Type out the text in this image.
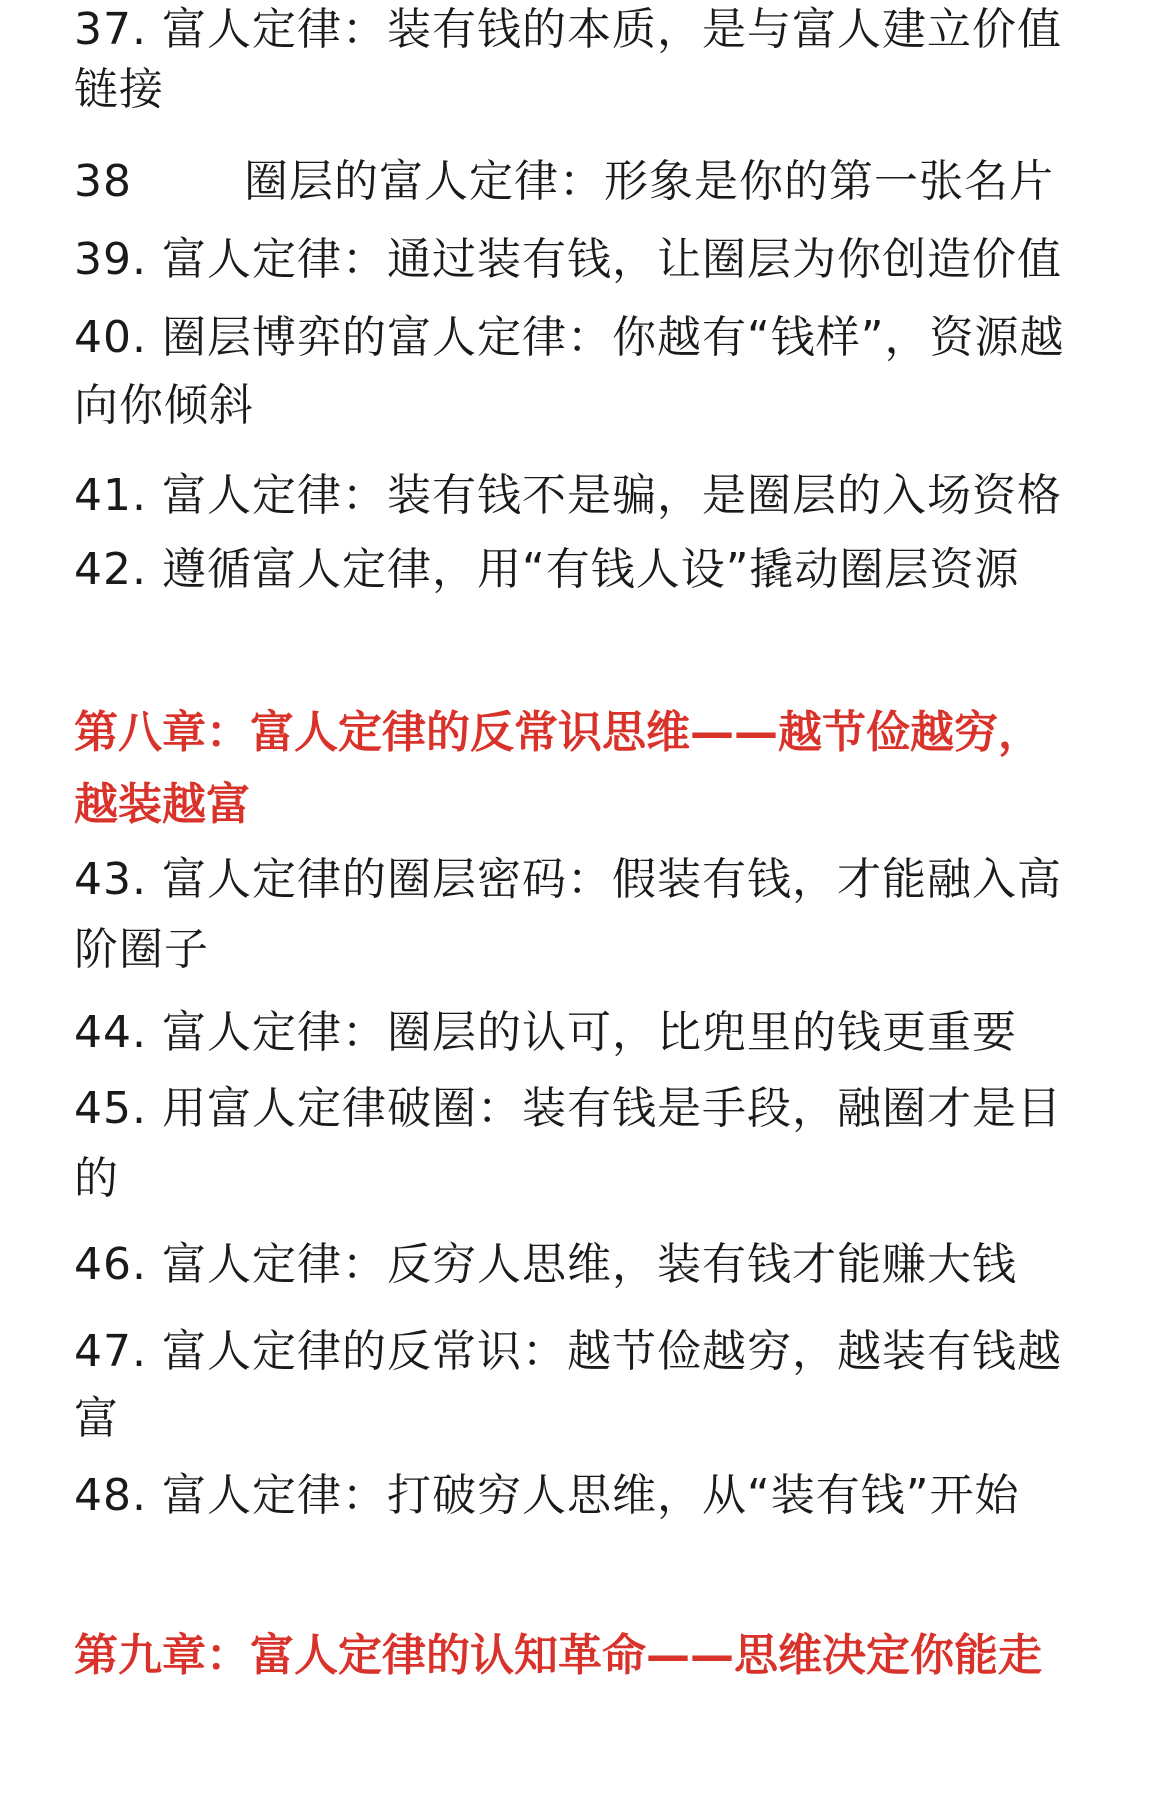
37. 富人定律：装有钱的本质，是与富人建立价值

链接

38	圈层的富人定律：形象是你的第一张名片

39. 富人定律：通过装有钱，让圈层为你创造价值

40. 圈层博弈的富人定律：你越有“钱样”，资源越

向你倾斜

41. 富人定律：装有钱不是骗，是圈层的入场资格

42. 遵循富人定律，用“有钱人设”撬动圈层资源

第八章：富人定律的反常识思维——越节俭越穷，

越装越富

43. 富人定律的圈层密码：假装有钱，才能融入高

阶圈子

44. 富人定律：圈层的认可，比兜里的钱更重要

45. 用富人定律破圈：装有钱是手段，融圈才是目

的

46. 富人定律：反穷人思维，装有钱才能赚大钱

47. 富人定律的反常识：越节俭越穷，越装有钱越

富

48. 富人定律：打破穷人思维，从“装有钱”开始

第九章：富人定律的认知革命——思维决定你能走
